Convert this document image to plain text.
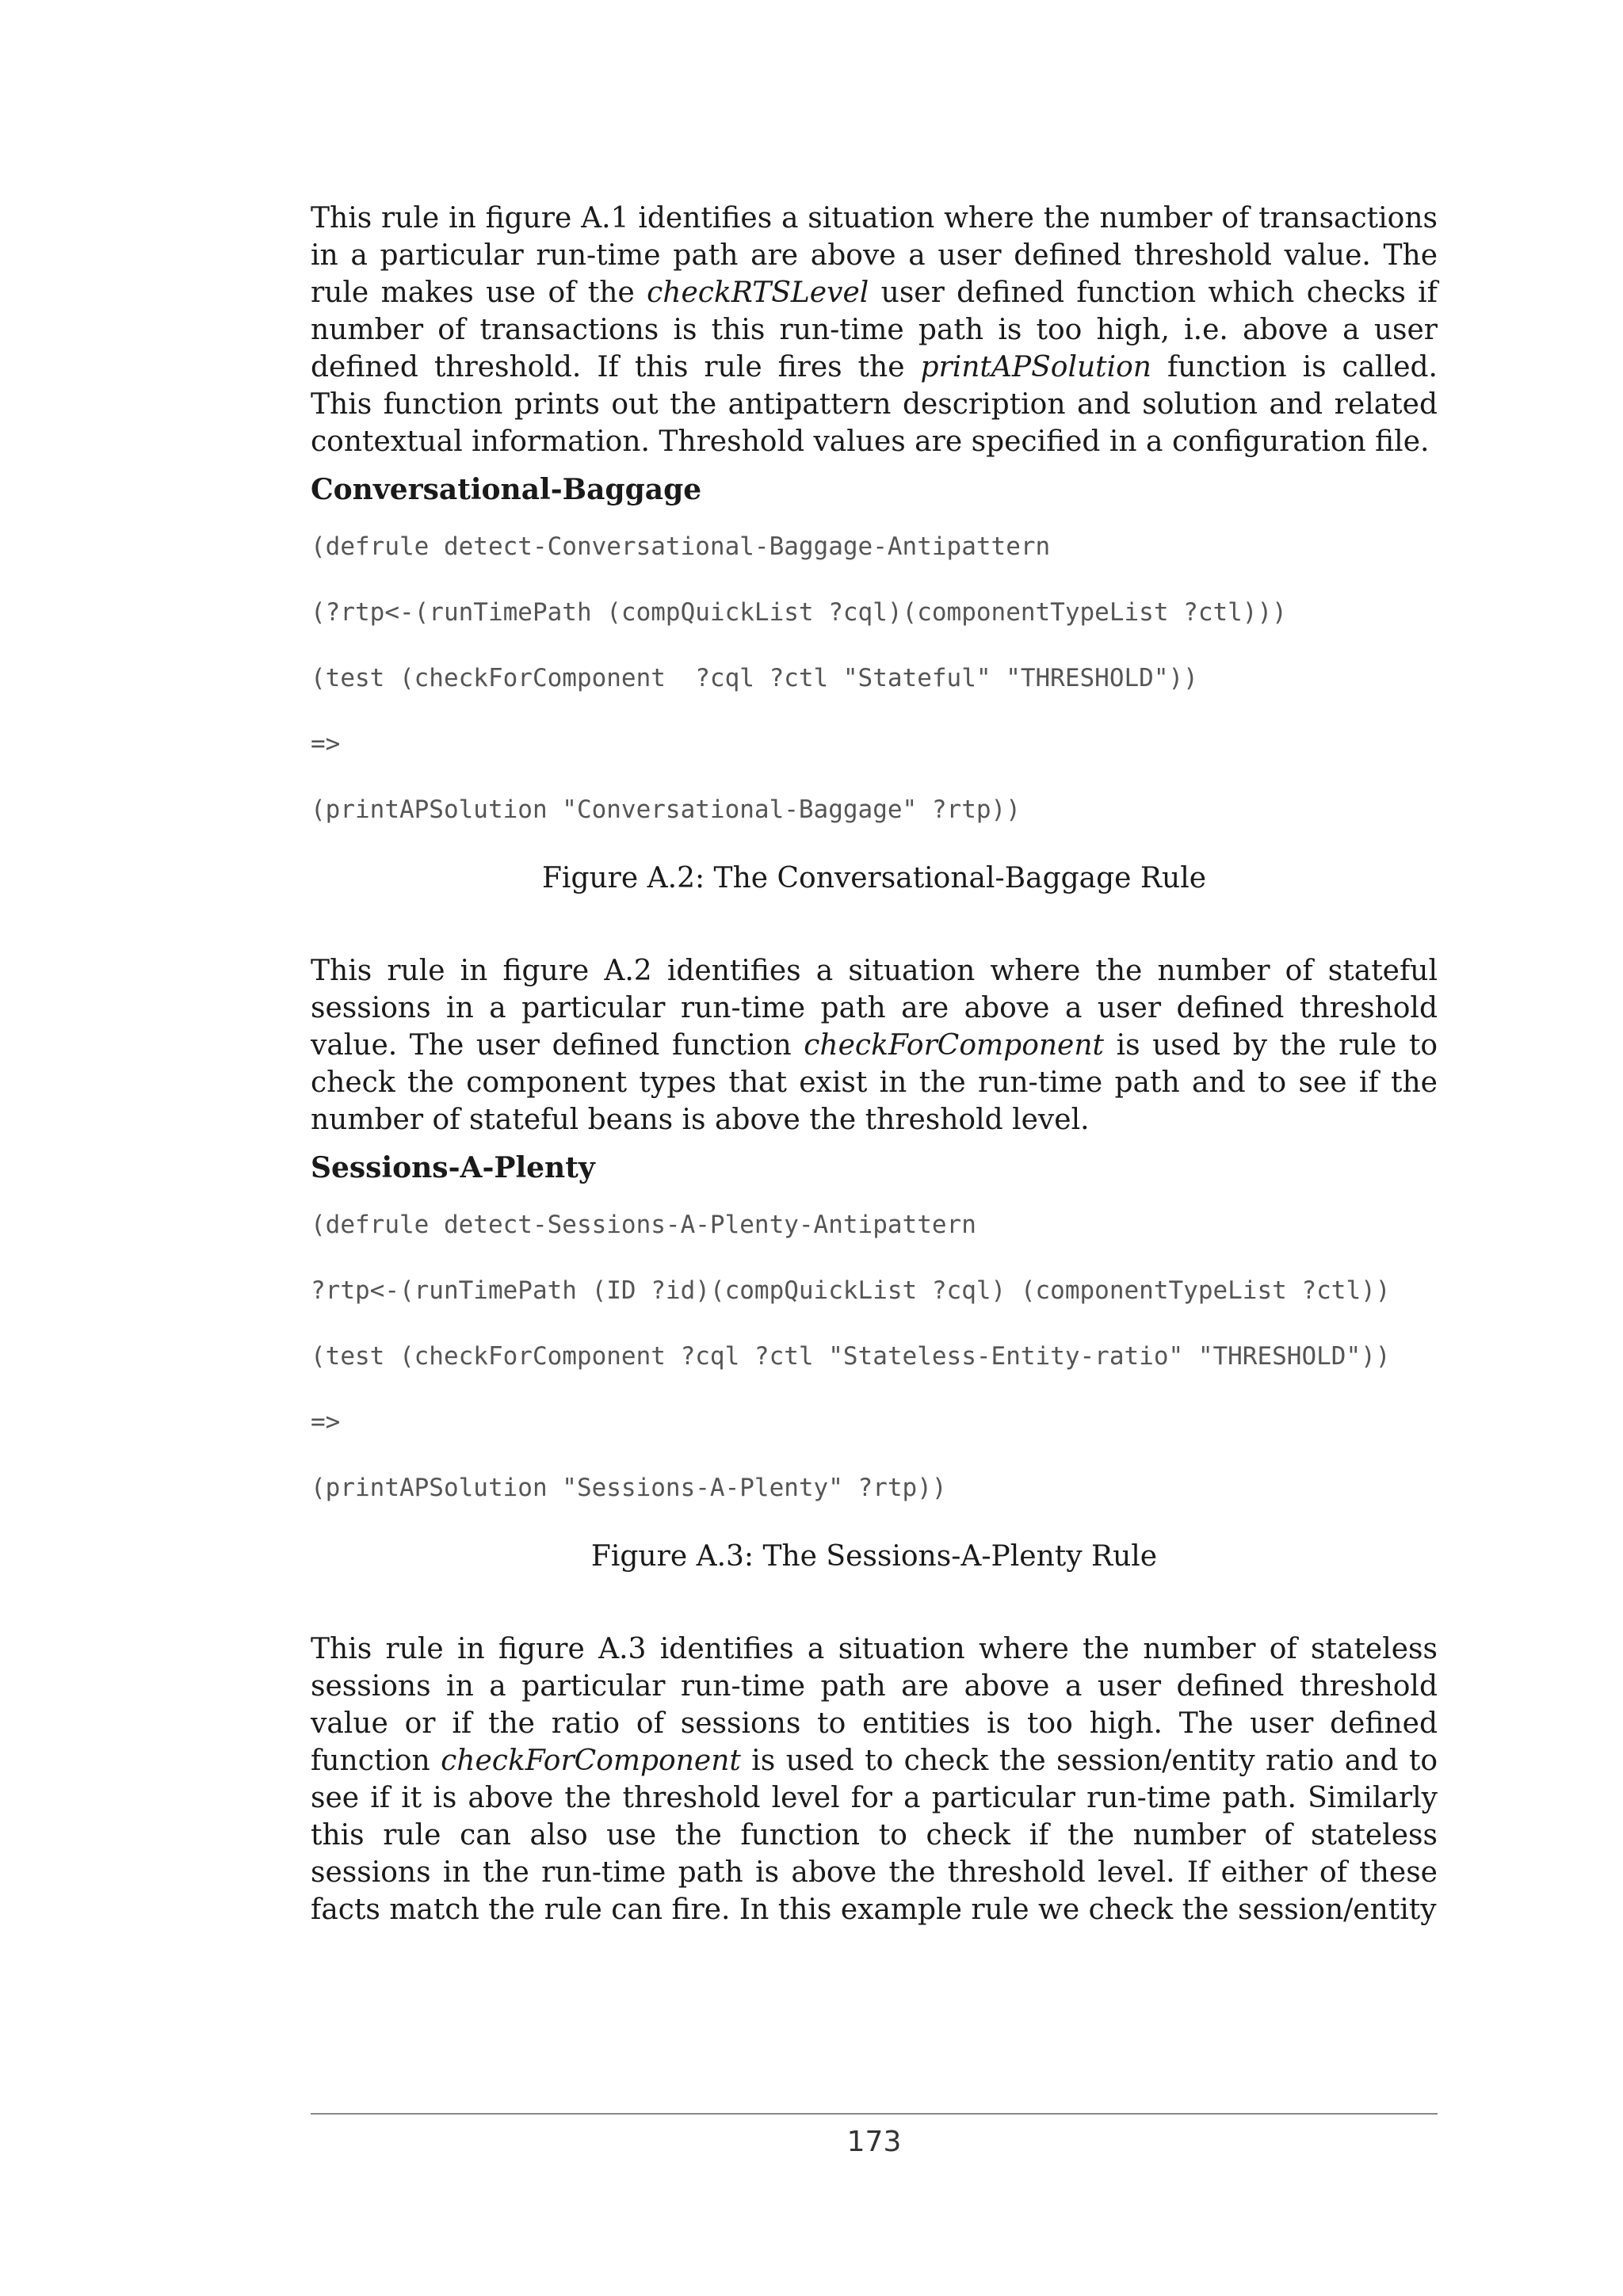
This rule in figure A.1 identifies a situation where the number of transactions in a particular run-time path are above a user defined threshold value. The rule makes use of the checkRTSLevel user defined function which checks if number of transactions is this run-time path is too high, i.e. above a user defined threshold. If this rule fires the printAPSolution function is called. This function prints out the antipattern description and solution and related contextual information. Threshold values are specified in a configuration file.

Conversational-Baggage

(defrule detect-Conversational-Baggage-Antipattern

(?rtp<-(runTimePath (compQuickList ?cql)(componentTypeList ?ctl)))

(test (checkForComponent  ?cql ?ctl "Stateful" "THRESHOLD"))

=>

(printAPSolution "Conversational-Baggage" ?rtp))

Figure A.2: The Conversational-Baggage Rule

This rule in figure A.2 identifies a situation where the number of stateful sessions in a particular run-time path are above a user defined threshold value. The user defined function checkForComponent is used by the rule to check the component types that exist in the run-time path and to see if the number of stateful beans is above the threshold level.

Sessions-A-Plenty

(defrule detect-Sessions-A-Plenty-Antipattern

?rtp<-(runTimePath (ID ?id)(compQuickList ?cql) (componentTypeList ?ctl))

(test (checkForComponent ?cql ?ctl "Stateless-Entity-ratio" "THRESHOLD"))

=>

(printAPSolution "Sessions-A-Plenty" ?rtp))

Figure A.3: The Sessions-A-Plenty Rule

This rule in figure A.3 identifies a situation where the number of stateless sessions in a particular run-time path are above a user defined threshold value or if the ratio of sessions to entities is too high. The user defined function checkForComponent is used to check the session/entity ratio and to see if it is above the threshold level for a particular run-time path. Similarly this rule can also use the function to check if the number of stateless sessions in the run-time path is above the threshold level. If either of these facts match the rule can fire. In this example rule we check the session/entity

173
